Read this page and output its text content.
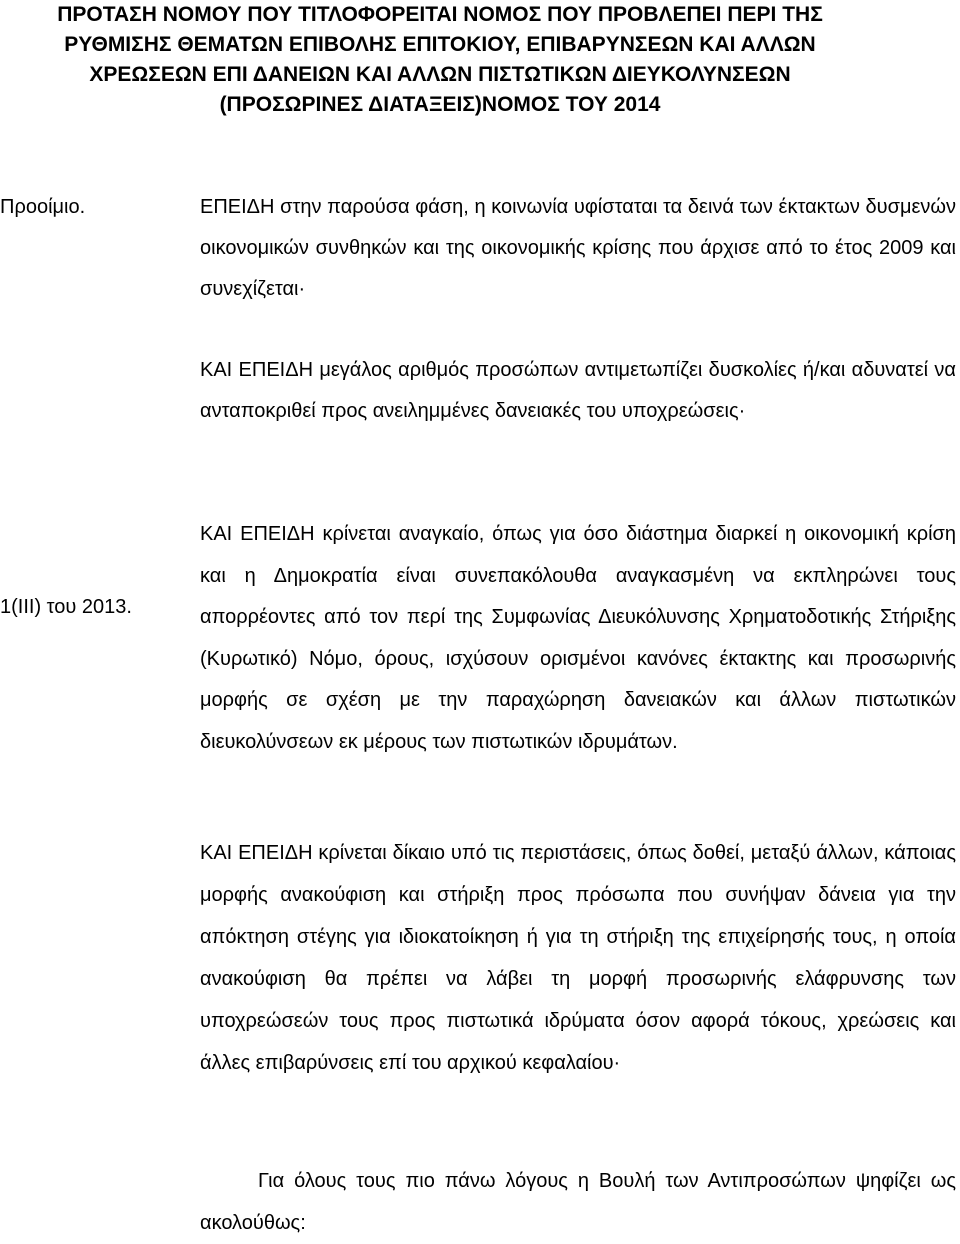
ΠΡΟΤΑΣΗ ΝΟΜΟΥ ΠΟΥ ΤΙΤΛΟΦΟΡΕΙΤΑΙ ΝΟΜΟΣ ΠΟΥ ΠΡΟΒΛΕΠΕΙ ΠΕΡΙ ΤΗΣ ΡΥΘΜΙΣΗΣ ΘΕΜΑΤΩΝ ΕΠΙΒΟΛΗΣ ΕΠΙΤΟΚΙΟΥ, ΕΠΙΒΑΡΥΝΣΕΩΝ ΚΑΙ ΑΛΛΩΝ ΧΡΕΩΣΕΩΝ ΕΠΙ ΔΑΝΕΙΩΝ ΚΑΙ ΑΛΛΩΝ ΠΙΣΤΩΤΙΚΩΝ ΔΙΕΥΚΟΛΥΝΣΕΩΝ (ΠΡΟΣΩΡΙΝΕΣ ΔΙΑΤΑΞΕΙΣ)ΝΟΜΟΣ ΤΟΥ 2014

Προοίμιο.	ΕΠΕΙΔΗ στην παρούσα φάση, η κοινωνία υφίσταται τα δεινά των έκτακτων δυσμενών οικονομικών συνθηκών και της οικονομικής κρίσης που άρχισε από το έτος 2009 και συνεχίζεται·

ΚΑΙ ΕΠΕΙΔΗ μεγάλος αριθμός προσώπων αντιμετωπίζει δυσκολίες ή/και αδυνατεί να ανταποκριθεί προς ανειλημμένες δανειακές του υποχρεώσεις·

1(ΙΙΙ) του 2013.

ΚΑΙ ΕΠΕΙΔΗ κρίνεται αναγκαίο, όπως για όσο διάστημα διαρκεί η οικονομική κρίση και η Δημοκρατία είναι συνεπακόλουθα αναγκασμένη να εκπληρώνει τους απορρέοντες από τον περί της Συμφωνίας Διευκόλυνσης Χρηματοδοτικής Στήριξης (Κυρωτικό) Νόμο, όρους, ισχύσουν ορισμένοι κανόνες έκτακτης και προσωρινής μορφής σε σχέση με την παραχώρηση δανειακών και άλλων πιστωτικών διευκολύνσεων εκ μέρους των πιστωτικών ιδρυμάτων.

ΚΑΙ ΕΠΕΙΔΗ κρίνεται δίκαιο υπό τις περιστάσεις, όπως δοθεί, μεταξύ άλλων, κάποιας μορφής ανακούφιση και στήριξη προς πρόσωπα που συνήψαν δάνεια για την απόκτηση στέγης για ιδιοκατοίκηση ή για τη στήριξη της επιχείρησής τους, η οποία ανακούφιση θα πρέπει να λάβει τη μορφή προσωρινής ελάφρυνσης των υποχρεώσεών τους προς πιστωτικά ιδρύματα όσον αφορά τόκους, χρεώσεις και άλλες επιβαρύνσεις επί του αρχικού κεφαλαίου·

Για όλους τους πιο πάνω λόγους η Βουλή των Αντιπροσώπων ψηφίζει ως ακολούθως:
